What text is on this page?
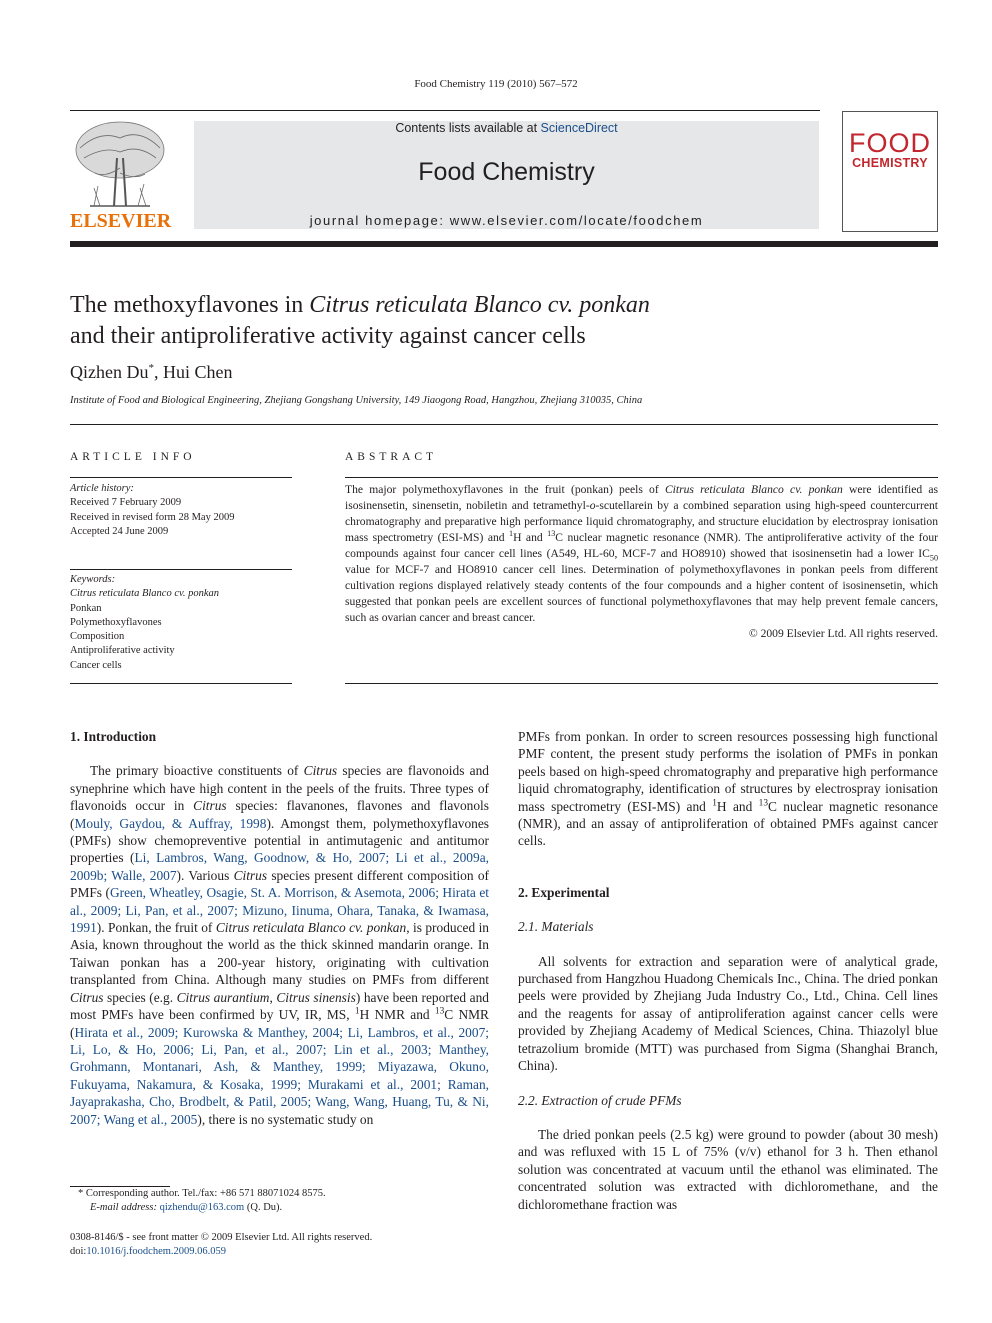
Food Chemistry 119 (2010) 567–572
ELSEVIER
Contents lists available at ScienceDirect
Food Chemistry
journal homepage: www.elsevier.com/locate/foodchem
FOOD
CHEMISTRY
The methoxyflavones in Citrus reticulata Blanco cv. ponkan
and their antiproliferative activity against cancer cells
Qizhen Du*, Hui Chen
Institute of Food and Biological Engineering, Zhejiang Gongshang University, 149 Jiaogong Road, Hangzhou, Zhejiang 310035, China
ARTICLE INFO	ABSTRACT
Article history:
Received 7 February 2009
Received in revised form 28 May 2009
Accepted 24 June 2009
Keywords:
Citrus reticulata Blanco cv. ponkan
Ponkan
Polymethoxyflavones
Composition
Antiproliferative activity
Cancer cells
The major polymethoxyflavones in the fruit (ponkan) peels of Citrus reticulata Blanco cv. ponkan were identified as isosinensetin, sinensetin, nobiletin and tetramethyl-o-scutellarein by a combined separation using high-speed countercurrent chromatography and preparative high performance liquid chromatography, and structure elucidation by electrospray ionisation mass spectrometry (ESI-MS) and $^1$H and $^{13}$C nuclear magnetic resonance (NMR). The antiproliferative activity of the four compounds against four cancer cell lines (A549, HL-60, MCF-7 and HO8910) showed that isosinensetin had a lower $IC_{50}$ value for MCF-7 and HO8910 cancer cell lines. Determination of polymethoxyflavones in ponkan peels from different cultivation regions displayed relatively steady contents of the four compounds and a higher content of isosinensetin, which suggested that ponkan peels are excellent sources of functional polymethoxyflavones that may help prevent female cancers, such as ovarian cancer and breast cancer.
© 2009 Elsevier Ltd. All rights reserved.
1. Introduction

The primary bioactive constituents of Citrus species are flavonoids and synephrine which have high content in the peels of the fruits. Three types of flavonoids occur in Citrus species: flavanones, flavones and flavonols (Mouly, Gaydou, & Auffray, 1998). Amongst them, polymethoxyflavones (PMFs) show chemopreventive potential in antimutagenic and antitumor properties (Li, Lambros, Wang, Goodnow, & Ho, 2007; Li et al., 2009a, 2009b; Walle, 2007). Various Citrus species present different composition of PMFs (Green, Wheatley, Osagie, St. A. Morrison, & Asemota, 2006; Hirata et al., 2009; Li, Pan, et al., 2007; Mizuno, Iinuma, Ohara, Tanaka, & Iwamasa, 1991). Ponkan, the fruit of Citrus reticulata Blanco cv. ponkan, is produced in Asia, known throughout the world as the thick skinned mandarin orange. In Taiwan ponkan has a 200-year history, originating with cultivation transplanted from China. Although many studies on PMFs from different Citrus species (e.g. Citrus aurantium, Citrus sinensis) have been reported and most PMFs have been confirmed by UV, IR, MS, $^1$H NMR and $^{13}$C NMR (Hirata et al., 2009; Kurowska & Manthey, 2004; Li, Lambros, et al., 2007; Li, Lo, & Ho, 2006; Li, Pan, et al., 2007; Lin et al., 2003; Manthey, Grohmann, Montanari, Ash, & Manthey, 1999; Miyazawa, Okuno, Fukuyama, Nakamura, & Kosaka, 1999; Murakami et al., 2001; Raman, Jayaprakasha, Cho, Brodbelt, & Patil, 2005; Wang, Wang, Huang, Tu, & Ni, 2007; Wang et al., 2005), there is no systematic study on

PMFs from ponkan. In order to screen resources possessing high functional PMF content, the present study performs the isolation of PMFs in ponkan peels based on high-speed chromatography and preparative high performance liquid chromatography, identification of structures by electrospray ionisation mass spectrometry (ESI-MS) and $^1$H and $^{13}$C nuclear magnetic resonance (NMR), and an assay of antiproliferation of obtained PMFs against cancer cells.

2. Experimental
2.1. Materials

All solvents for extraction and separation were of analytical grade, purchased from Hangzhou Huadong Chemicals Inc., China. The dried ponkan peels were provided by Zhejiang Juda Industry Co., Ltd., China. Cell lines and the reagents for assay of antiproliferation against cancer cells were provided by Zhejiang Academy of Medical Sciences, China. Thiazolyl blue tetrazolium bromide (MTT) was purchased from Sigma (Shanghai Branch, China).

2.2. Extraction of crude PFMs

The dried ponkan peels (2.5 kg) were ground to powder (about 30 mesh) and was refluxed with 15 L of 75% (v/v) ethanol for 3 h. Then ethanol solution was concentrated at vacuum until the ethanol was eliminated. The concentrated solution was extracted with dichloromethane, and the dichloromethane fraction was

* Corresponding author. Tel./fax: +86 571 88071024 8575.
E-mail address: qizhendu@163.com (Q. Du).
0308-8146/$ - see front matter © 2009 Elsevier Ltd. All rights reserved.
doi:10.1016/j.foodchem.2009.06.059
